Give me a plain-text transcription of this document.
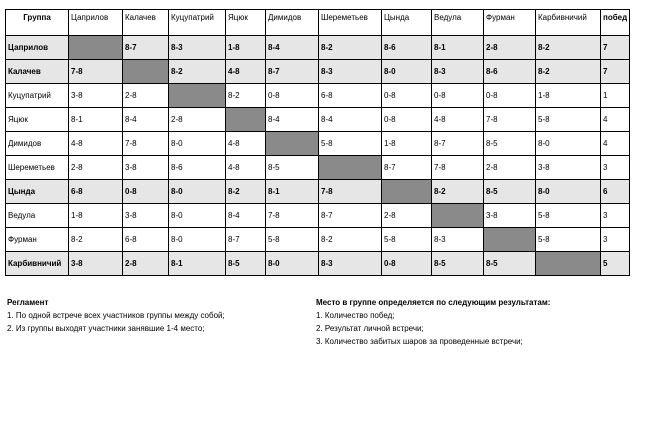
Группа	Цаприлов	Калачев	Куцупатрий	Яцюк	Димидов	Шереметьев	Цында	Ведула	Фурман	Карбивничий	побед
Цаприлов		8-7	8-3	1-8	8-4	8-2	8-6	8-1	2-8	8-2	7
Калачев	7-8		8-2	4-8	8-7	8-3	8-0	8-3	8-6	8-2	7
Куцупатрий	3-8	2-8		8-2	0-8	6-8	0-8	0-8	0-8	1-8	1
Яцюк	8-1	8-4	2-8		8-4	8-4	0-8	4-8	7-8	5-8	4
Димидов	4-8	7-8	8-0	4-8		5-8	1-8	8-7	8-5	8-0	4
Шереметьев	2-8	3-8	8-6	4-8	8-5		8-7	7-8	2-8	3-8	3
Цында	6-8	0-8	8-0	8-2	8-1	7-8		8-2	8-5	8-0	6
Ведула	1-8	3-8	8-0	8-4	7-8	8-7	2-8		3-8	5-8	3
Фурман	8-2	6-8	8-0	8-7	5-8	8-2	5-8	8-3		5-8	3
Карбивничий	3-8	2-8	8-1	8-5	8-0	8-3	0-8	8-5	8-5		5
Регламент
1. По одной встрече всех участников группы между собой;
2. Из группы выходят участники занявшие 1-4 место;
Место в группе определяется по следующим результатам:
1. Количество побед;
2. Результат личной встречи;
3. Количество забитых шаров за проведенные встречи;
